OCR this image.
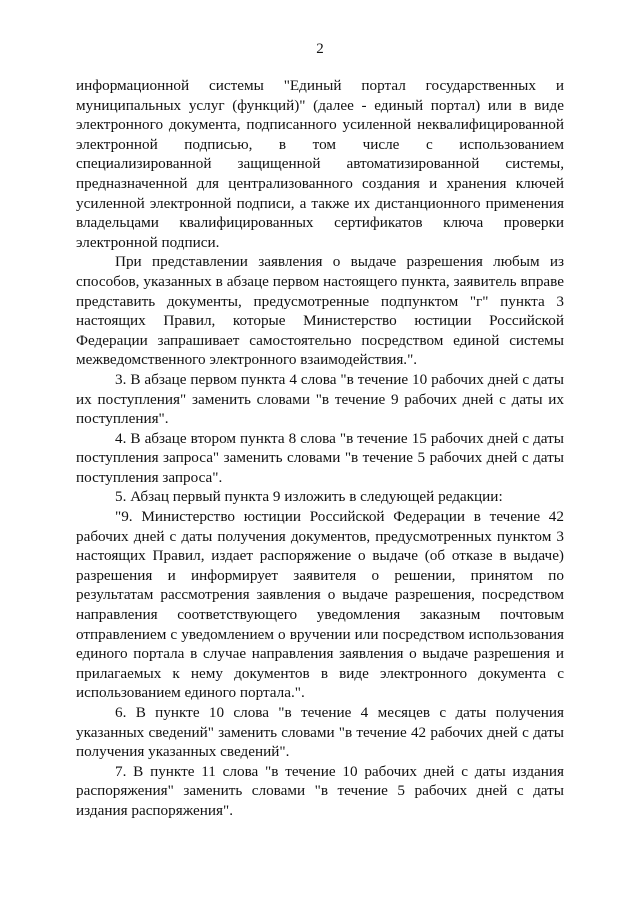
2

информационной системы "Единый портал государственных и муниципальных услуг (функций)" (далее - единый портал) или в виде электронного документа, подписанного усиленной неквалифицированной электронной подписью, в том числе с использованием специализированной защищенной автоматизированной системы, предназначенной для централизованного создания и хранения ключей усиленной электронной подписи, а также их дистанционного применения владельцами квалифицированных сертификатов ключа проверки электронной подписи.

При представлении заявления о выдаче разрешения любым из способов, указанных в абзаце первом настоящего пункта, заявитель вправе представить документы, предусмотренные подпунктом "г" пункта 3 настоящих Правил, которые Министерство юстиции Российской Федерации запрашивает самостоятельно посредством единой системы межведомственного электронного взаимодействия.".

3. В абзаце первом пункта 4 слова "в течение 10 рабочих дней с даты их поступления" заменить словами "в течение 9 рабочих дней с даты их поступления".

4. В абзаце втором пункта 8 слова "в течение 15 рабочих дней с даты поступления запроса" заменить словами "в течение 5 рабочих дней с даты поступления запроса".

5. Абзац первый пункта 9 изложить в следующей редакции:

"9. Министерство юстиции Российской Федерации в течение 42 рабочих дней с даты получения документов, предусмотренных пунктом 3 настоящих Правил, издает распоряжение о выдаче (об отказе в выдаче) разрешения и информирует заявителя о решении, принятом по результатам рассмотрения заявления о выдаче разрешения, посредством направления соответствующего уведомления заказным почтовым отправлением с уведомлением о вручении или посредством использования единого портала в случае направления заявления о выдаче разрешения и прилагаемых к нему документов в виде электронного документа с использованием единого портала.".

6. В пункте 10 слова "в течение 4 месяцев с даты получения указанных сведений" заменить словами "в течение 42 рабочих дней с даты получения указанных сведений".

7. В пункте 11 слова "в течение 10 рабочих дней с даты издания распоряжения" заменить словами "в течение 5 рабочих дней с даты издания распоряжения".
